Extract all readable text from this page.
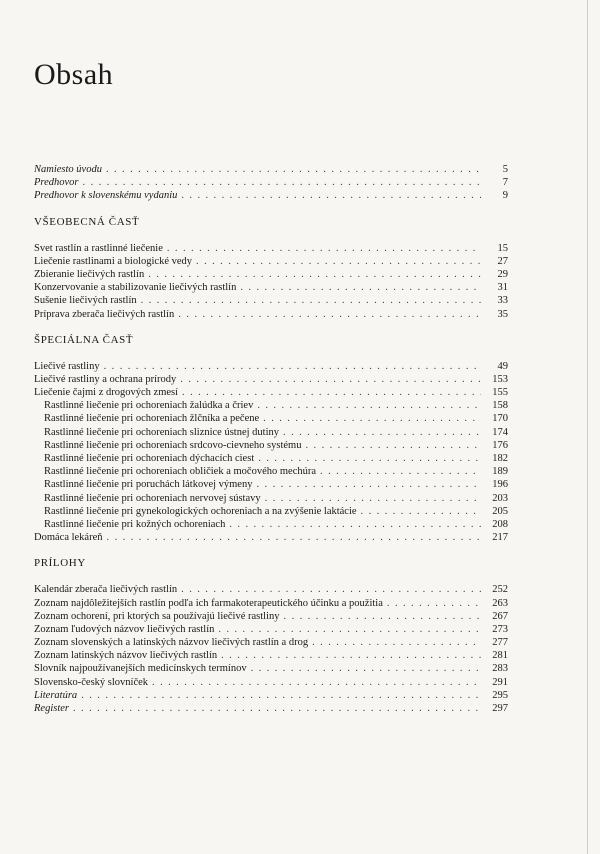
Obsah
Namiesto úvodu . . .	5
Predhovor . . .	7
Predhovor k slovenskému vydaniu . . .	9
VŠEOBECNÁ ČASŤ
Svet rastlín a rastlinné liečenie . . .	15
Liečenie rastlinami a biologické vedy . . .	27
Zbieranie liečivých rastlín . . .	29
Konzervovanie a stabilizovanie liečivých rastlín . . .	31
Sušenie liečivých rastlín . . .	33
Príprava zberača liečivých rastlín . . .	35
ŠPECIÁLNA ČASŤ
Liečivé rastliny . . .	49
Liečivé rastliny a ochrana prírody . . .	153
Liečenie čajmi z drogových zmesí . . .	155
Rastlinné liečenie pri ochoreniach žalúdka a čriev . . .	158
Rastlinné liečenie pri ochoreniach žlčníka a pečene . . .	170
Rastlinné liečenie pri ochoreniach sliznice ústnej dutiny . . .	174
Rastlinné liečenie pri ochoreniach srdcovo-cievneho systému . . .	176
Rastlinné liečenie pri ochoreniach dýchacích ciest . . .	182
Rastlinné liečenie pri ochoreniach obličiek a močového mechúra . . .	189
Rastlinné liečenie pri poruchách látkovej výmeny . . .	196
Rastlinné liečenie pri ochoreniach nervovej sústavy . . .	203
Rastlinné liečenie pri gynekologických ochoreniach a na zvýšenie laktácie . . .	205
Rastlinné liečenie pri kožných ochoreniach . . .	208
Domáca lekáreň . . .	217
PRÍLOHY
Kalendár zberača liečivých rastlín . . .	252
Zoznam najdôležitejších rastlín podľa ich farmakoterapeutického účinku a použitia . . .	263
Zoznam ochorení, pri ktorých sa používajú liečivé rastliny . . .	267
Zoznam ľudových názvov liečivých rastlín . . .	273
Zoznam slovenských a latinských názvov liečivých rastlín a drog . . .	277
Zoznam latinských názvov liečivých rastlín . . .	281
Slovník najpoužívanejších medicínskych termínov . . .	283
Slovensko-český slovníček . . .	291
Literatúra . . .	295
Register . . .	297
